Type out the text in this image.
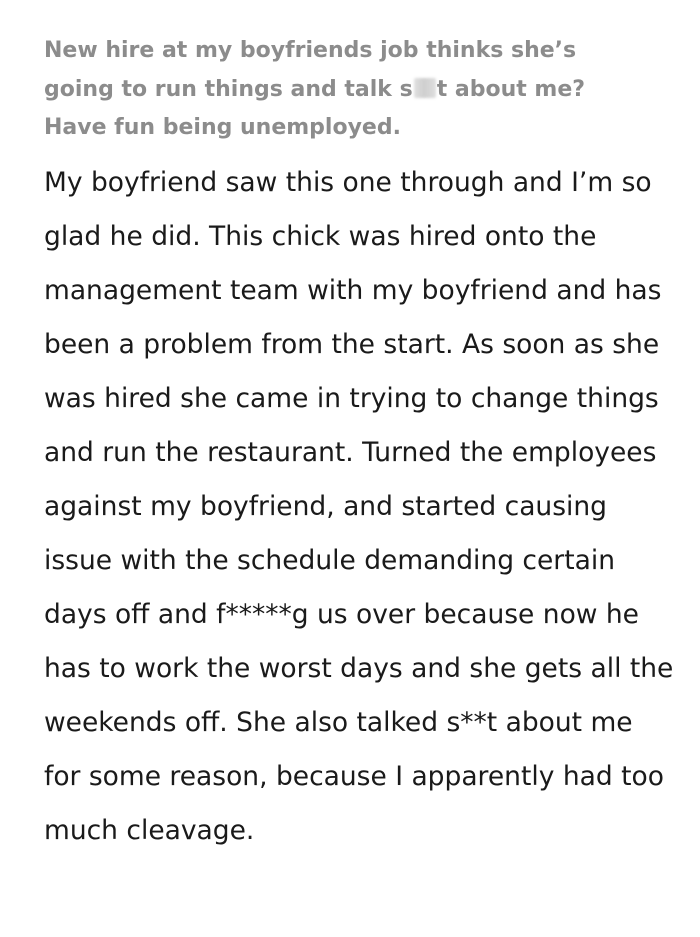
New hire at my boyfriends job thinks she’s going to run things and talk s t about me? Have fun being unemployed.

My boyfriend saw this one through and I’m so glad he did. This chick was hired onto the management team with my boyfriend and has been a problem from the start. As soon as she was hired she came in trying to change things and run the restaurant. Turned the employees against my boyfriend, and started causing issue with the schedule demanding certain days off and f*****g us over because now he has to work the worst days and she gets all the weekends off. She also talked s**t about me for some reason, because I apparently had too much cleavage.
